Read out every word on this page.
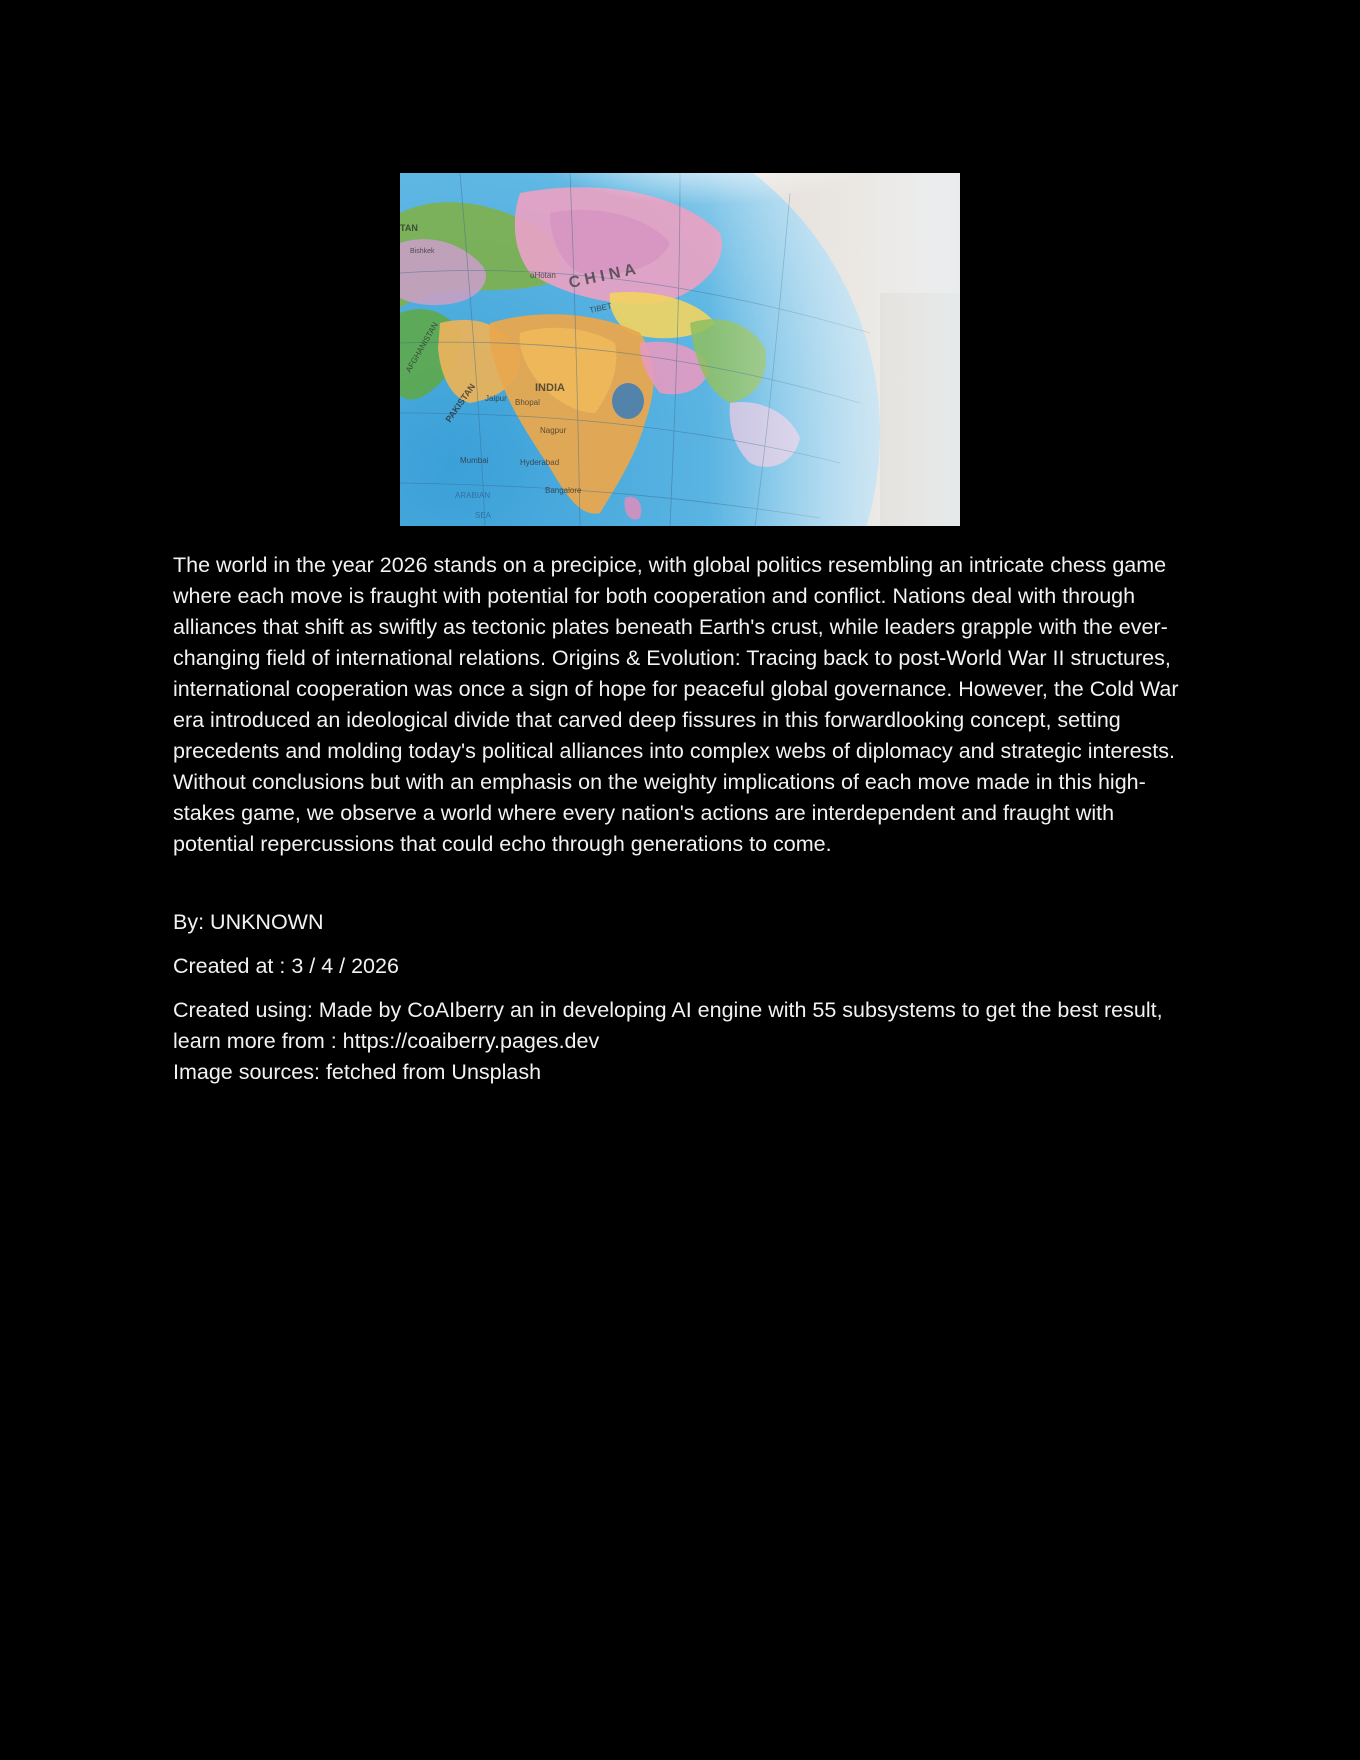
The world in the year 2026 stands on a precipice, with global politics resembling an intricate chess game where each move is fraught with potential for both cooperation and conflict. Nations deal with through alliances that shift as swiftly as tectonic plates beneath Earth's crust, while leaders grapple with the ever-changing field of international relations. Origins & Evolution: Tracing back to post-World War II structures, international cooperation was once a sign of hope for peaceful global governance. However, the Cold War era introduced an ideological divide that carved deep fissures in this forwardlooking concept, setting precedents and molding today's political alliances into complex webs of diplomacy and strategic interests. Without conclusions but with an emphasis on the weighty implications of each move made in this high-stakes game, we observe a world where every nation's actions are interdependent and fraught with potential repercussions that could echo through generations to come.

By: UNKNOWN

Created at : 3 / 4 / 2026

Created using: Made by CoAIberry an in developing AI engine with 55 subsystems to get the best result, learn more from : https://coaiberry.pages.dev

Image sources: fetched from Unsplash
